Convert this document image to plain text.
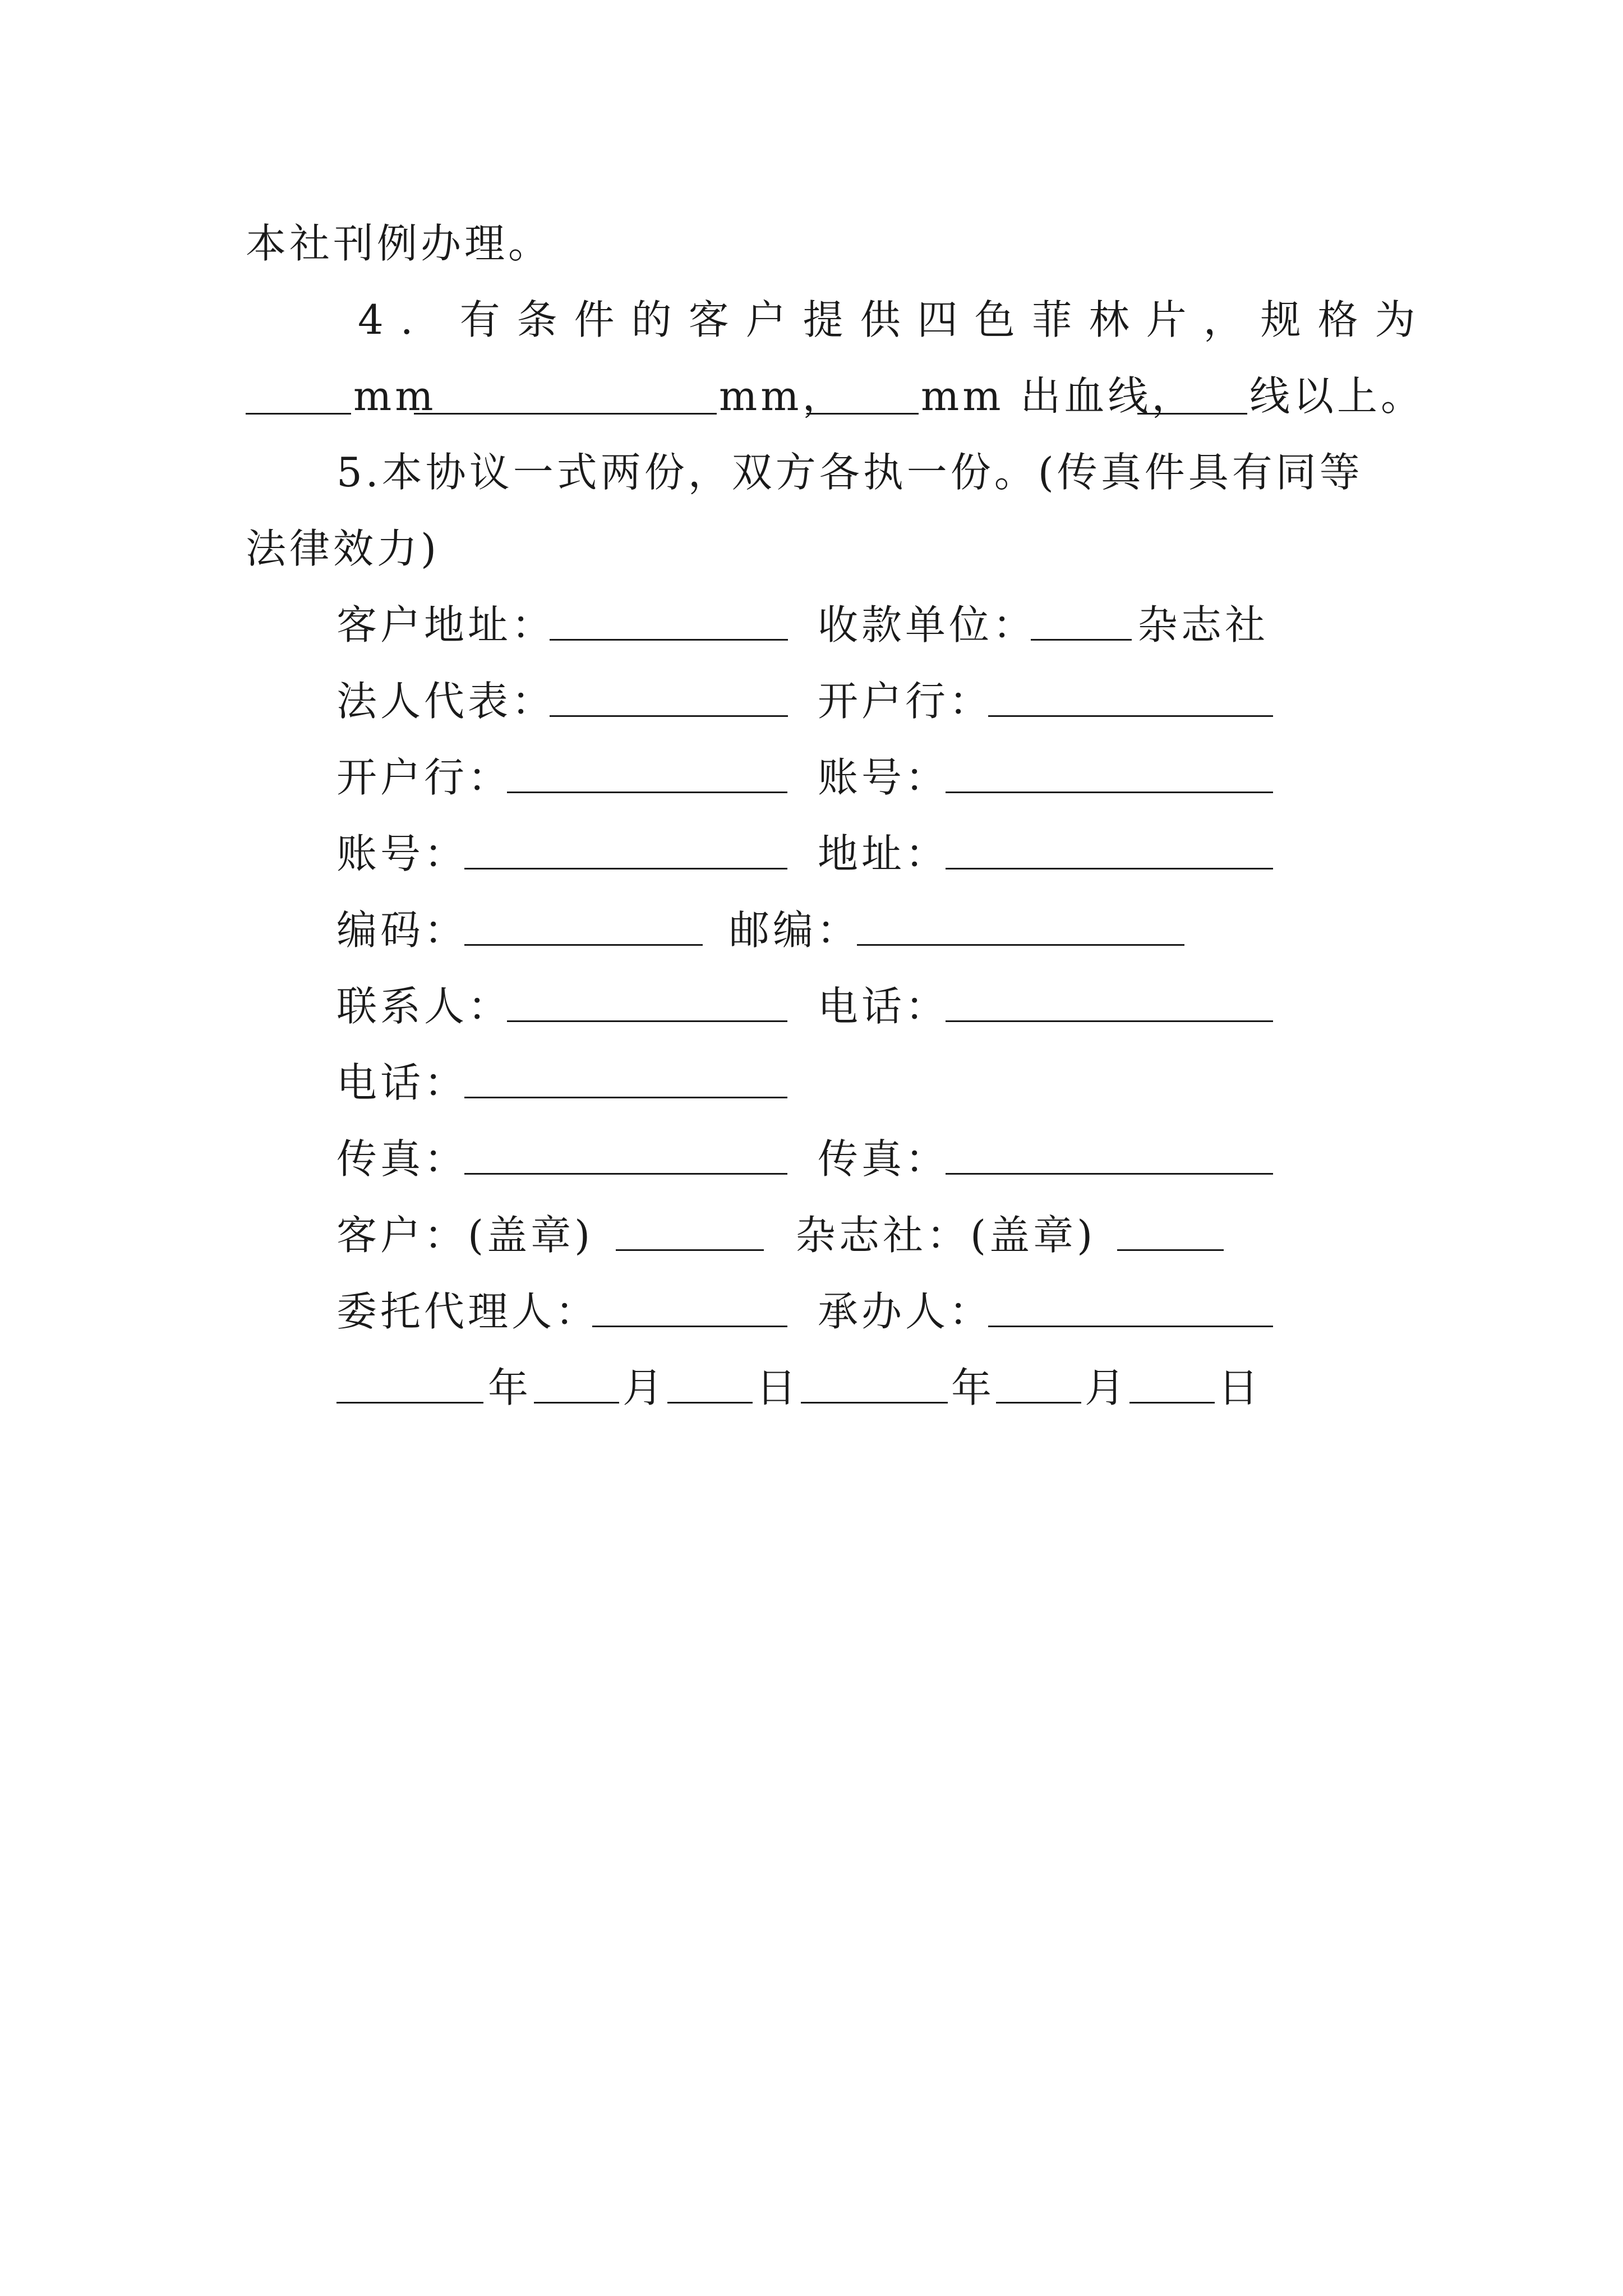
本社刊例办理。
4. 有条件的客户提供四色菲林片，规格为
mm	mm， mm 出血线， 线以上。
5.本协议一式两份，双方各执一份。(传真件具有同等
法律效力)
客户地址：	收款单位： 杂志社
法人代表：	开户行：
开户行：	账号：
账号：	地址：
编码：	邮编：
联系人：	电话：
电话：
传真：	传真：
客户：(盖章)	杂志社：(盖章)
委托代理人：	承办人：
年 月 日	年 月 日
